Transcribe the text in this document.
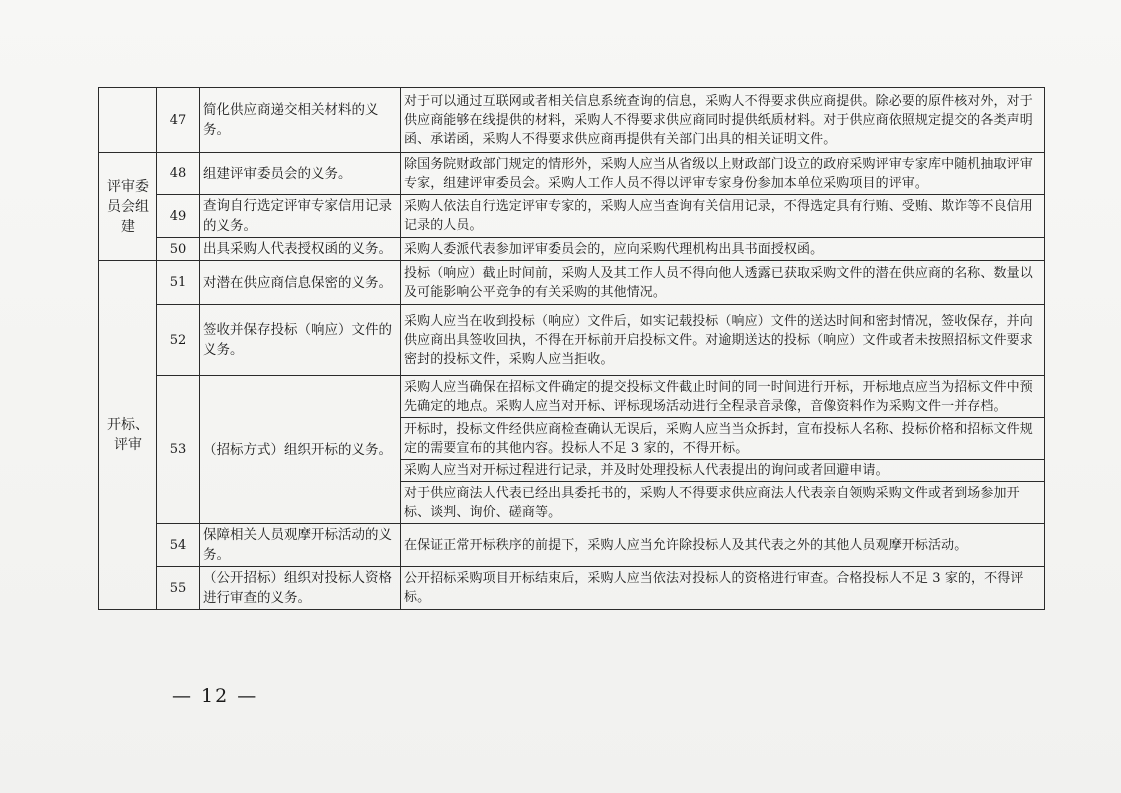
	47	简化供应商递交相关材料的义务。	对于可以通过互联网或者相关信息系统查询的信息，采购人不得要求供应商提供。除必要的原件核对外，对于供应商能够在线提供的材料，采购人不得要求供应商同时提供纸质材料。对于供应商依照规定提交的各类声明函、承诺函，采购人不得要求供应商再提供有关部门出具的相关证明文件。
评审委员会组建	48	组建评审委员会的义务。	除国务院财政部门规定的情形外，采购人应当从省级以上财政部门设立的政府采购评审专家库中随机抽取评审专家，组建评审委员会。采购人工作人员不得以评审专家身份参加本单位采购项目的评审。
	49	查询自行选定评审专家信用记录的义务。	采购人依法自行选定评审专家的，采购人应当查询有关信用记录，不得选定具有行贿、受贿、欺诈等不良信用记录的人员。
	50	出具采购人代表授权函的义务。	采购人委派代表参加评审委员会的，应向采购代理机构出具书面授权函。
开标、评审	51	对潜在供应商信息保密的义务。	投标（响应）截止时间前，采购人及其工作人员不得向他人透露已获取采购文件的潜在供应商的名称、数量以及可能影响公平竞争的有关采购的其他情况。
	52	签收并保存投标（响应）文件的义务。	采购人应当在收到投标（响应）文件后，如实记载投标（响应）文件的送达时间和密封情况，签收保存，并向供应商出具签收回执，不得在开标前开启投标文件。对逾期送达的投标（响应）文件或者未按照招标文件要求密封的投标文件，采购人应当拒收。
	53	（招标方式）组织开标的义务。	采购人应当确保在招标文件确定的提交投标文件截止时间的同一时间进行开标，开标地点应当为招标文件中预先确定的地点。采购人应当对开标、评标现场活动进行全程录音录像，音像资料作为采购文件一并存档。
			开标时，投标文件经供应商检查确认无误后，采购人应当当众拆封，宣布投标人名称、投标价格和招标文件规定的需要宣布的其他内容。投标人不足 3 家的，不得开标。
			采购人应当对开标过程进行记录，并及时处理投标人代表提出的询问或者回避申请。
			对于供应商法人代表已经出具委托书的，采购人不得要求供应商法人代表亲自领购采购文件或者到场参加开标、谈判、询价、磋商等。
	54	保障相关人员观摩开标活动的义务。	在保证正常开标秩序的前提下，采购人应当允许除投标人及其代表之外的其他人员观摩开标活动。
	55	（公开招标）组织对投标人资格进行审查的义务。	公开招标采购项目开标结束后，采购人应当依法对投标人的资格进行审查。合格投标人不足 3 家的，不得评标。
— 12 —
